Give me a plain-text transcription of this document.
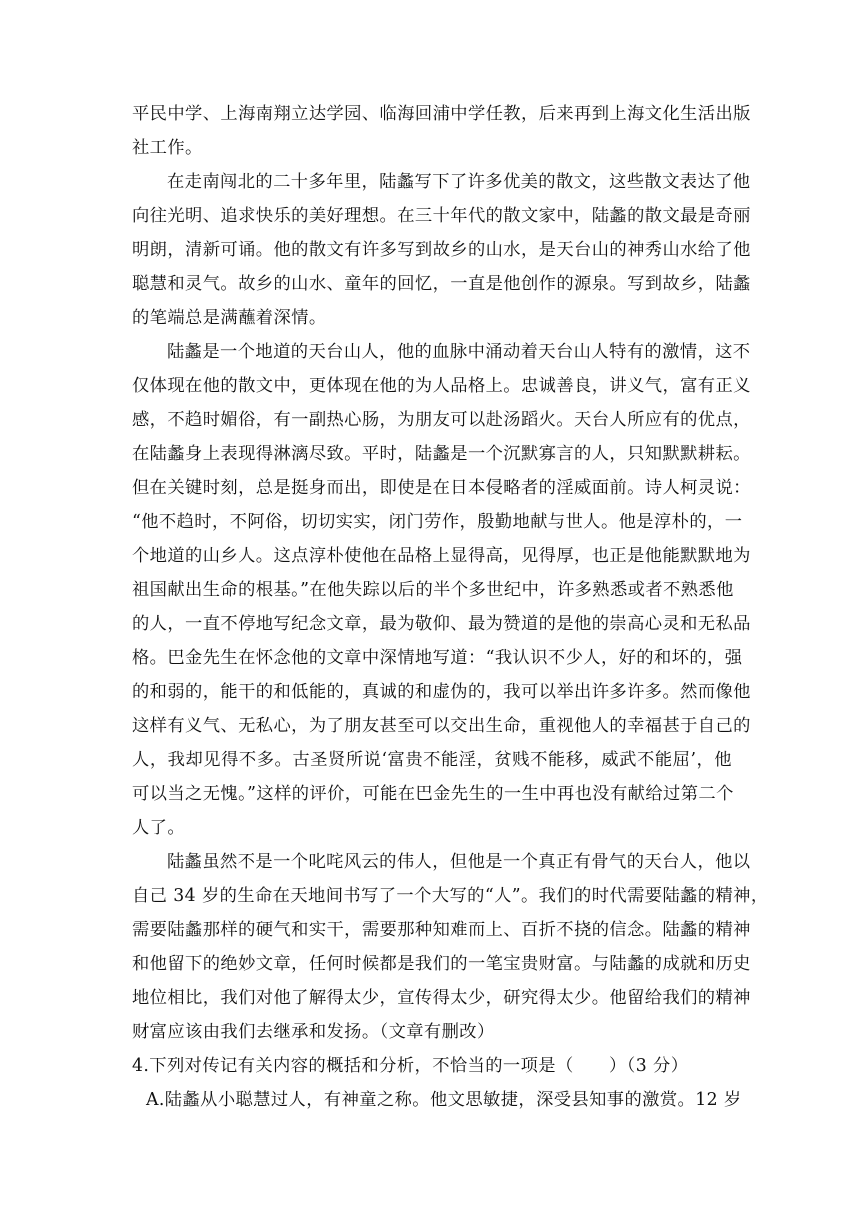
平民中学、上海南翔立达学园、临海回浦中学任教，后来再到上海文化生活出版
社工作。
在走南闯北的二十多年里，陆蠡写下了许多优美的散文，这些散文表达了他
向往光明、追求快乐的美好理想。在三十年代的散文家中，陆蠡的散文最是奇丽
明朗，清新可诵。他的散文有许多写到故乡的山水，是天台山的神秀山水给了他
聪慧和灵气。故乡的山水、童年的回忆，一直是他创作的源泉。写到故乡，陆蠡
的笔端总是满蘸着深情。
陆蠡是一个地道的天台山人，他的血脉中涌动着天台山人特有的激情，这不
仅体现在他的散文中，更体现在他的为人品格上。忠诚善良，讲义气，富有正义
感，不趋时媚俗，有一副热心肠，为朋友可以赴汤蹈火。天台人所应有的优点，
在陆蠡身上表现得淋漓尽致。平时，陆蠡是一个沉默寡言的人，只知默默耕耘。
但在关键时刻，总是挺身而出，即使是在日本侵略者的淫威面前。诗人柯灵说：
“他不趋时，不阿俗，切切实实，闭门劳作，殷勤地献与世人。他是淳朴的，一
个地道的山乡人。这点淳朴使他在品格上显得高，见得厚，也正是他能默默地为
祖国献出生命的根基。”在他失踪以后的半个多世纪中，许多熟悉或者不熟悉他
的人，一直不停地写纪念文章，最为敬仰、最为赞道的是他的崇高心灵和无私品
格。巴金先生在怀念他的文章中深情地写道：“我认识不少人，好的和坏的，强
的和弱的，能干的和低能的，真诚的和虚伪的，我可以举出许多许多。然而像他
这样有义气、无私心，为了朋友甚至可以交出生命，重视他人的幸福甚于自己的
人，我却见得不多。古圣贤所说‘富贵不能淫，贫贱不能移，威武不能屈’，他
可以当之无愧。”这样的评价，可能在巴金先生的一生中再也没有献给过第二个
人了。
陆蠡虽然不是一个叱咤风云的伟人，但他是一个真正有骨气的天台人，他以
自己 34 岁的生命在天地间书写了一个大写的“人”。我们的时代需要陆蠡的精神，
需要陆蠡那样的硬气和实干，需要那种知难而上、百折不挠的信念。陆蠡的精神
和他留下的绝妙文章，任何时候都是我们的一笔宝贵财富。与陆蠡的成就和历史
地位相比，我们对他了解得太少，宣传得太少，研究得太少。他留给我们的精神
财富应该由我们去继承和发扬。（文章有删改）
4.下列对传记有关内容的概括和分析，不恰当的一项是（　　）（3 分）
A.陆蠡从小聪慧过人，有神童之称。他文思敏捷，深受县知事的激赏。12 岁
